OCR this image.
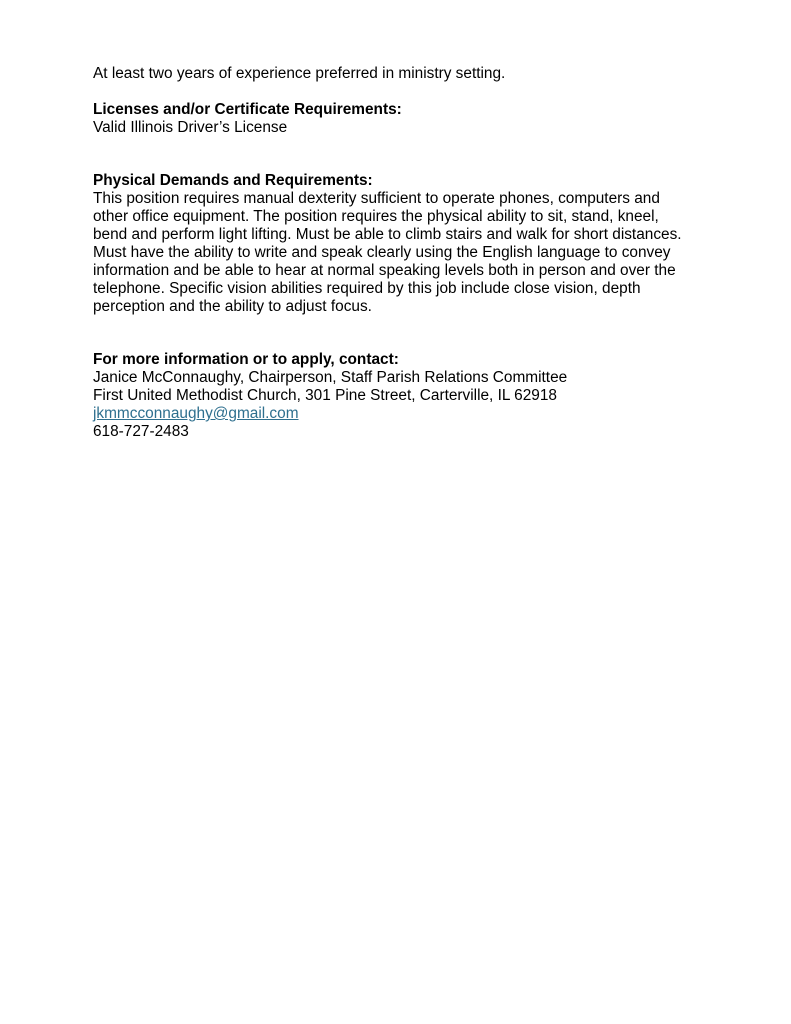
At least two years of experience preferred in ministry setting.

Licenses and/or Certificate Requirements:
Valid Illinois Driver’s License
Physical Demands and Requirements:
This position requires manual dexterity sufficient to operate phones, computers and
other office equipment. The position requires the physical ability to sit, stand, kneel,
bend and perform light lifting. Must be able to climb stairs and walk for short distances.
Must have the ability to write and speak clearly using the English language to convey
information and be able to hear at normal speaking levels both in person and over the
telephone. Specific vision abilities required by this job include close vision, depth
perception and the ability to adjust focus.
For more information or to apply, contact:
Janice McConnaughy, Chairperson, Staff Parish Relations Committee
First United Methodist Church, 301 Pine Street, Carterville, IL 62918
jkmmcconnaughy@gmail.com
618-727-2483
